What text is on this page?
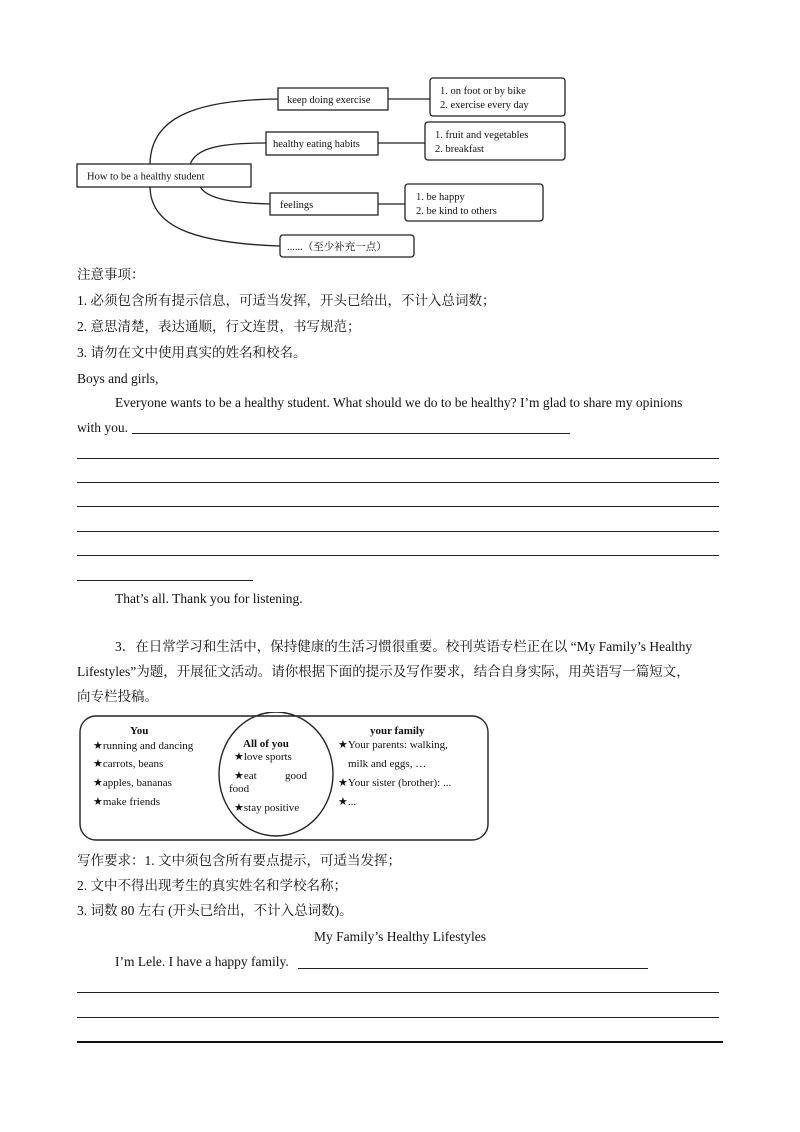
How to be a healthy student
keep doing exercise
healthy eating habits
feelings
......（至少补充一点）
1. on foot or by bike
2. exercise every day
1. fruit and vegetables
2. breakfast
1. be happy
2. be kind to others
注意事项：
1. 必须包含所有提示信息，可适当发挥，开头已给出，不计入总词数；
2. 意思清楚，表达通顺，行文连贯，书写规范；
3. 请勿在文中使用真实的姓名和校名。
Boys and girls,
Everyone wants to be a healthy student. What should we do to be healthy? I’m glad to share my opinions
with you.
That’s all. Thank you for listening.
3．在日常学习和生活中，保持健康的生活习惯很重要。校刊英语专栏正在以 “My Family’s Healthy
Lifestyles”为题，开展征文活动。请你根据下面的提示及写作要求，结合自身实际，用英语写一篇短文，
向专栏投稿。
You
★running and dancing
★carrots, beans
★apples, bananas
★make friends
All of you
★love sports
★eat	good
food
★stay positive
your family
★Your parents: walking,
milk and eggs, …
★Your sister (brother): ...
★...
写作要求：1. 文中须包含所有要点提示，可适当发挥；
2. 文中不得出现考生的真实姓名和学校名称；
3. 词数 80 左右 (开头已给出，不计入总词数)。
My Family’s Healthy Lifestyles
I’m Lele. I have a happy family.
